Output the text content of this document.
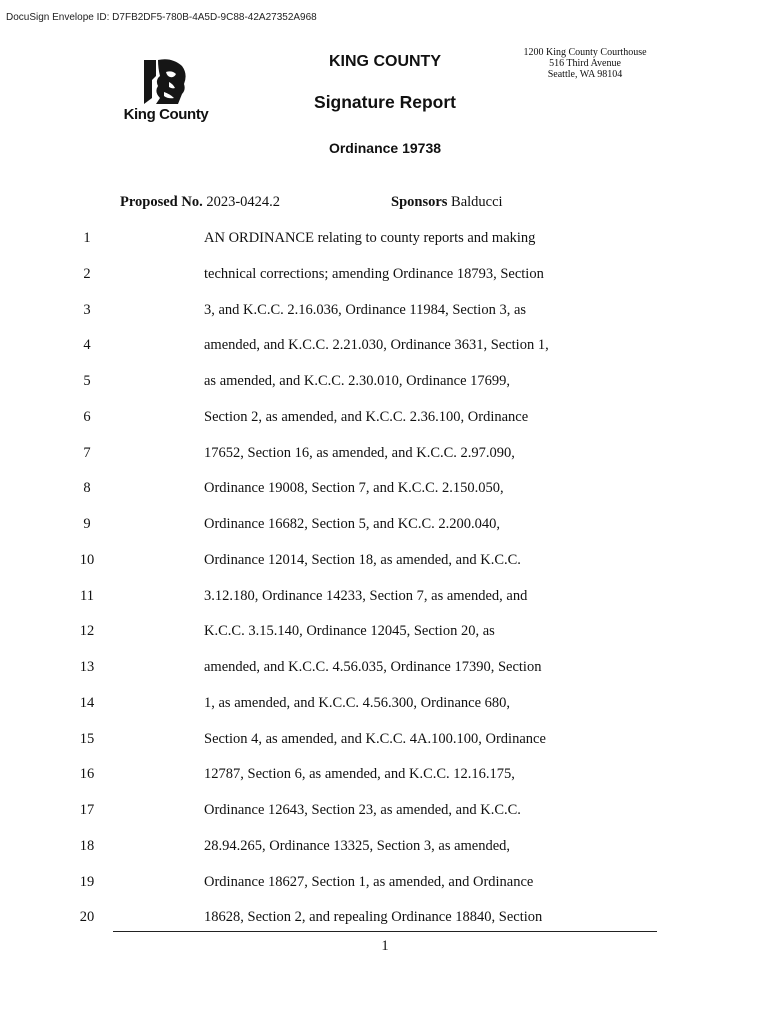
DocuSign Envelope ID: D7FB2DF5-780B-4A5D-9C88-42A27352A968
King County
KING COUNTY
1200 King County Courthouse
516 Third Avenue
Seattle, WA 98104
Signature Report
Ordinance 19738
Proposed No. 2023-0424.2	Sponsors Balducci
1	AN ORDINANCE relating to county reports and making
2	technical corrections; amending Ordinance 18793, Section
3	3, and K.C.C. 2.16.036, Ordinance 11984, Section 3, as
4	amended, and K.C.C. 2.21.030, Ordinance 3631, Section 1,
5	as amended, and K.C.C. 2.30.010, Ordinance 17699,
6	Section 2, as amended, and K.C.C. 2.36.100, Ordinance
7	17652, Section 16, as amended, and K.C.C. 2.97.090,
8	Ordinance 19008, Section 7, and K.C.C. 2.150.050,
9	Ordinance 16682, Section 5, and KC.C. 2.200.040,
10	Ordinance 12014, Section 18, as amended, and K.C.C.
11	3.12.180, Ordinance 14233, Section 7, as amended, and
12	K.C.C. 3.15.140, Ordinance 12045, Section 20, as
13	amended, and K.C.C. 4.56.035, Ordinance 17390, Section
14	1, as amended, and K.C.C. 4.56.300, Ordinance 680,
15	Section 4, as amended, and K.C.C. 4A.100.100, Ordinance
16	12787, Section 6, as amended, and K.C.C. 12.16.175,
17	Ordinance 12643, Section 23, as amended, and K.C.C.
18	28.94.265, Ordinance 13325, Section 3, as amended,
19	Ordinance 18627, Section 1, as amended, and Ordinance
20	18628, Section 2, and repealing Ordinance 18840, Section
1
